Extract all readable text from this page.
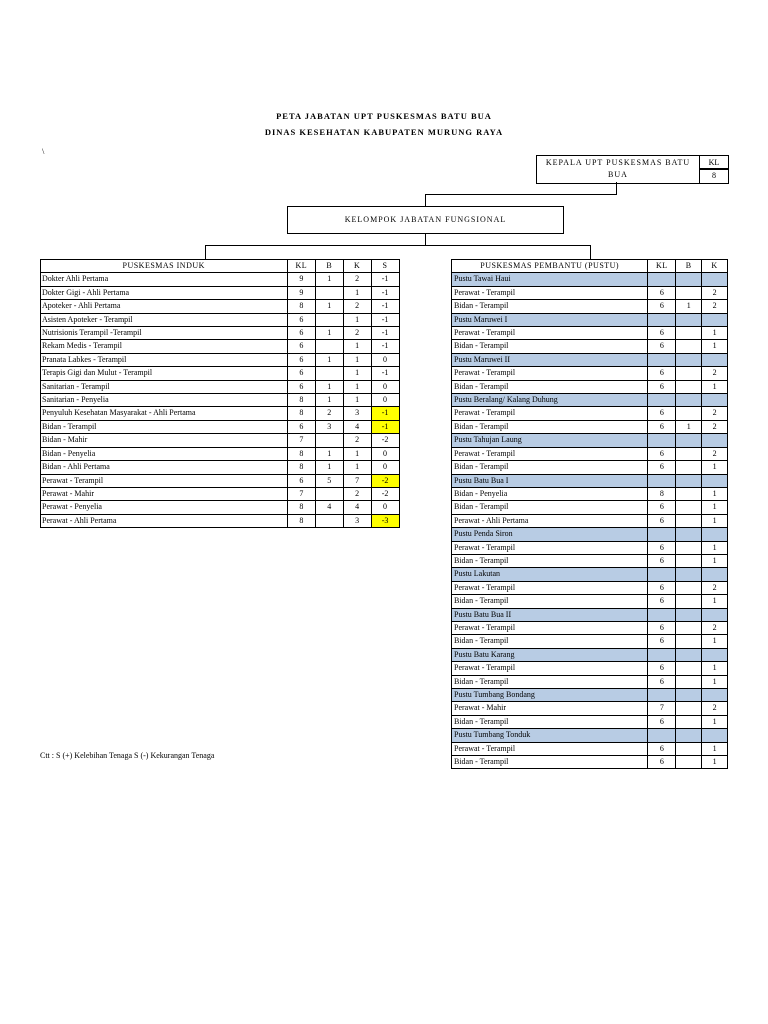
PETA JABATAN UPT PUSKESMAS BATU BUA
DINAS KESEHATAN KABUPATEN MURUNG RAYA
\
KEPALA UPT PUSKESMAS BATU BUA
KL
8
KELOMPOK JABATAN FUNGSIONAL
PUSKESMAS INDUK	KL	B	K	S
Dokter Ahli Pertama	9	1	2	-1
Dokter Gigi - Ahli Pertama	9		1	-1
Apoteker - Ahli Pertama	8	1	2	-1
Asisten Apoteker - Terampil	6		1	-1
Nutrisionis Terampil -Terampil	6	1	2	-1
Rekam Medis - Terampil	6		1	-1
Pranata Labkes - Terampil	6	1	1	0
Terapis Gigi dan Mulut - Terampil	6		1	-1
Sanitarian - Terampil	6	1	1	0
Sanitarian - Penyelia	8	1	1	0
Penyuluh Kesehatan Masyarakat - Ahli Pertama	8	2	3	-1
Bidan - Terampil	6	3	4	-1
Bidan - Mahir	7		2	-2
Bidan - Penyelia	8	1	1	0
Bidan - Ahli Pertama	8	1	1	0
Perawat - Terampil	6	5	7	-2
Perawat - Mahir	7		2	-2
Perawat - Penyelia	8	4	4	0
Perawat - Ahli Pertama	8		3	-3
PUSKESMAS PEMBANTU (PUSTU)	KL	B	K
Pustu Tawai Haui			
Perawat - Terampil	6		2
Bidan - Terampil	6	1	2
Pustu Maruwei I			
Perawat - Terampil	6		1
Bidan - Terampil	6		1
Pustu Maruwei II			
Perawat - Terampil	6		2
Bidan - Terampil	6		1
Pustu Beralang/ Kalang Duhung			
Perawat - Terampil	6		2
Bidan - Terampil	6	1	2
Pustu Tahujan Laung			
Perawat - Terampil	6		2
Bidan - Terampil	6		1
Pustu Batu Bua I			
Bidan - Penyelia	8		1
Bidan - Terampil	6		1
Perawat - Ahli Pertama	6		1
Pustu Penda Siron			
Perawat - Terampil	6		1
Bidan - Terampil	6		1
Pustu Lakutan			
Perawat - Terampil	6		2
Bidan - Terampil	6		1
Pustu Batu Bua II			
Perawat - Terampil	6		2
Bidan - Terampil	6		1
Pustu Batu Karang			
Perawat - Terampil	6		1
Bidan - Terampil	6		1
Pustu Tumbang Bondang			
Perawat - Mahir	7		2
Bidan - Terampil	6		1
Pustu Tumbang Tonduk			
Perawat - Terampil	6		1
Bidan - Terampil	6		1
Ctt : S (+) Kelebihan Tenaga S (-) Kekurangan Tenaga
